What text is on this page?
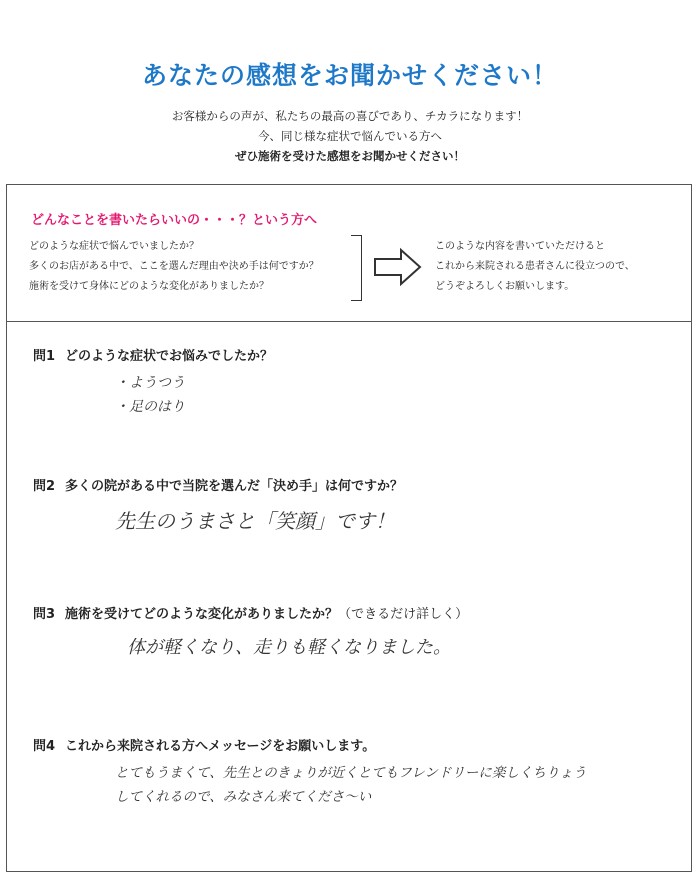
あなたの感想をお聞かせください！

お客様からの声が、私たちの最高の喜びであり、チカラになります！

今、同じ様な症状で悩んでいる方へ

ぜひ施術を受けた感想をお聞かせください！

どんなことを書いたらいいの・・・？という方へ
どのような症状で悩んでいましたか？
多くのお店がある中で、ここを選んだ理由や決め手は何ですか？
施術を受けて身体にどのような変化がありましたか？
このような内容を書いていただけると
これから来院される患者さんに役立つので、
どうぞよろしくお願いします。
問1 どのような症状でお悩みでしたか？
・ようつう
・足のはり
問2 多くの院がある中で当院を選んだ「決め手」は何ですか？
先生のうまさと「笑顔」です！
問3 施術を受けてどのような変化がありましたか？（できるだけ詳しく）
体が軽くなり、走りも軽くなりました。
問4 これから来院される方へメッセージをお願いします。
とてもうまくて、先生とのきょりが近くとてもフレンドリーに楽しくちりょう
してくれるので、みなさん来てくださ〜い
